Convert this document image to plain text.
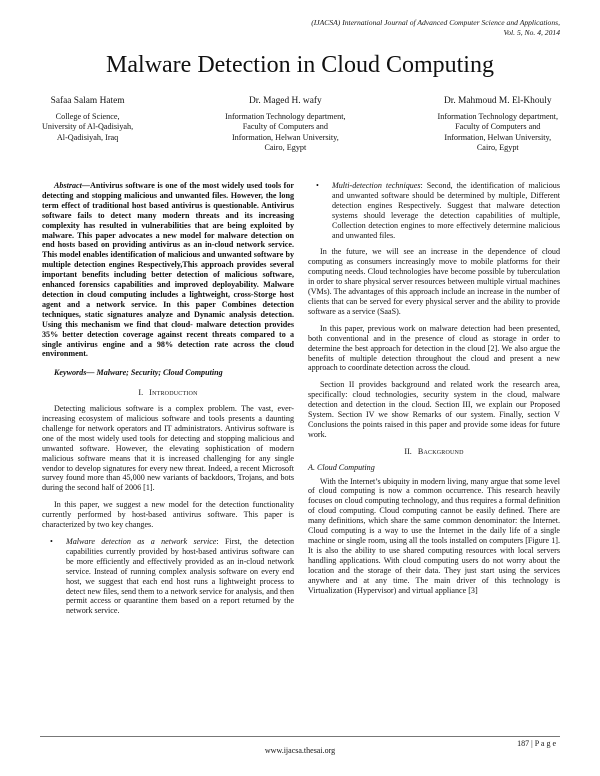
(IJACSA) International Journal of Advanced Computer Science and Applications,
Vol. 5, No. 4, 2014
Malware Detection in Cloud Computing
Safaa Salam Hatem
College of Science,
University of Al-Qadisiyah,
Al-Qadisiyah, Iraq
Dr. Maged H. wafy
Information Technology department,
Faculty of Computers and
Information, Helwan University,
Cairo, Egypt
Dr. Mahmoud M. El-Khouly
Information Technology department,
Faculty of Computers and
Information, Helwan University,
Cairo, Egypt

Abstract—Antivirus software is one of the most widely used tools for detecting and stopping malicious and unwanted files. However, the long term effect of traditional host based antivirus is questionable. Antivirus software fails to detect many modern threats and its increasing complexity has resulted in vulnerabilities that are being exploited by malware. This paper advocates a new model for malware detection on end hosts based on providing antivirus as an in-cloud network service. This model enables identification of malicious and unwanted software by multiple detection engines Respectively,This approach provides several important benefits including better detection of malicious software, enhanced forensics capabilities and improved deployability. Malware detection in cloud computing includes a lightweight, cross-Storge host agent and a network service. In this paper Combines detection techniques, static signatures analyze and Dynamic analysis detection. Using this mechanism we find that cloud- malware detection provides 35% better detection coverage against recent threats compared to a single antivirus engine and a 98% detection rate across the cloud environment.

Keywords— Malware; Security; Cloud Computing

I. Introduction

Detecting malicious software is a complex problem. The vast, ever-increasing ecosystem of malicious software and tools presents a daunting challenge for network operators and IT administrators. Antivirus software is one of the most widely used tools for detecting and stopping malicious and unwanted software. However, the elevating sophistication of modern malicious software means that it is increased challenging for any single vendor to develop signatures for every new threat. Indeed, a recent Microsoft survey found more than 45,000 new variants of backdoors, Trojans, and bots during the second half of 2006 [1].

In this paper, we suggest a new model for the detection functionality currently performed by host-based antivirus software. This paper is characterized by two key changes.

• Malware detection as a network service: First, the detection capabilities currently provided by host-based antivirus software can be more efficiently and effectively provided as an in-cloud network service. Instead of running complex analysis software on every end host, we suggest that each end host runs a lightweight process to detect new files, send them to a network service for analysis, and then permit access or quarantine them based on a report returned by the network service.
• Multi-detection techniques: Second, the identification of malicious and unwanted software should be determined by multiple, Different detection engines Respectively. Suggest that malware detection systems should leverage the detection capabilities of multiple, Collection detection engines to more effectively determine malicious and unwanted files.

In the future, we will see an increase in the dependence of cloud computing as consumers increasingly move to mobile platforms for their computing needs. Cloud technologies have become possible by tuberculation in order to share physical server resources between multiple virtual machines (VMs). The advantages of this approach include an increase in the number of clients that can be served for every physical server and the ability to provide software as a service (SaaS).

In this paper, previous work on malware detection had been presented, both conventional and in the presence of cloud as storage in order to determine the best approach for detection in the cloud [2]. We also argue the benefits of multiple detection throughout the cloud and present a new approach to coordinate detection across the cloud.

Section II provides background and related work the research area, specifically: cloud technologies, security system in the cloud, malware detection and detection in the cloud. Section III, we explain our Proposed System. Section IV we show Remarks of our system. Finally, section V Conclusions the points raised in this paper and provide some ideas for future work.

II. Background
A. Cloud Computing

With the Internet’s ubiquity in modern living, many argue that some level of cloud computing is now a common occurrence. This research heavily focuses on cloud computing technology, and thus requires a formal definition of cloud computing. Cloud computing cannot be easily defined. There are many definitions, which share the same common denominator: the Internet. Cloud computing is a way to use the Internet in the daily life of a single machine or single room, using all the tools installed on computers [Figure 1]. It is also the ability to use shared computing resources with local servers handling applications. With cloud computing users do not worry about the location and the storage of their data. They just start using the services anywhere and at any time. The main driver of this technology is Virtualization (Hypervisor) and virtual appliance [3]

187 | P a g e
www.ijacsa.thesai.org
